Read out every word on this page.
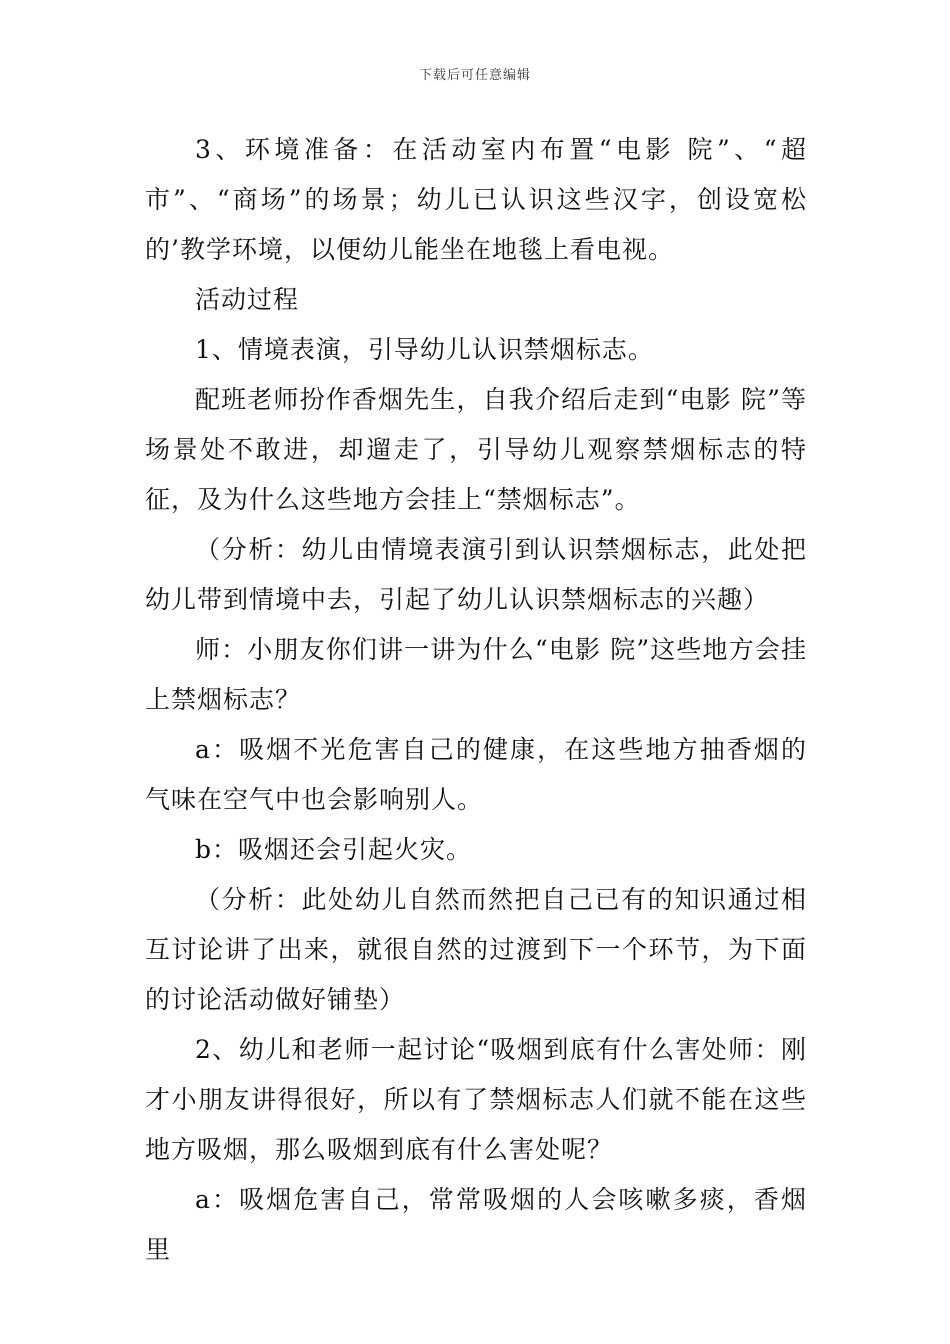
下载后可任意编辑

3、环境准备：在活动室内布置“电影 院”、“超市”、“商场”的场景；幼儿已认识这些汉字，创设宽松的’教学环境，以便幼儿能坐在地毯上看电视。

活动过程

1、情境表演，引导幼儿认识禁烟标志。

配班老师扮作香烟先生，自我介绍后走到“电影 院”等场景处不敢进，却遛走了，引导幼儿观察禁烟标志的特征，及为什么这些地方会挂上“禁烟标志”。

（分析：幼儿由情境表演引到认识禁烟标志，此处把幼儿带到情境中去，引起了幼儿认识禁烟标志的兴趣）

师：小朋友你们讲一讲为什么“电影 院”这些地方会挂上禁烟标志？

a：吸烟不光危害自己的健康，在这些地方抽香烟的气味在空气中也会影响别人。

b：吸烟还会引起火灾。

（分析：此处幼儿自然而然把自己已有的知识通过相互讨论讲了出来，就很自然的过渡到下一个环节，为下面的讨论活动做好铺垫）

2、幼儿和老师一起讨论“吸烟到底有什么害处师：刚才小朋友讲得很好，所以有了禁烟标志人们就不能在这些地方吸烟，那么吸烟到底有什么害处呢？

a：吸烟危害自己，常常吸烟的人会咳嗽多痰，香烟里
